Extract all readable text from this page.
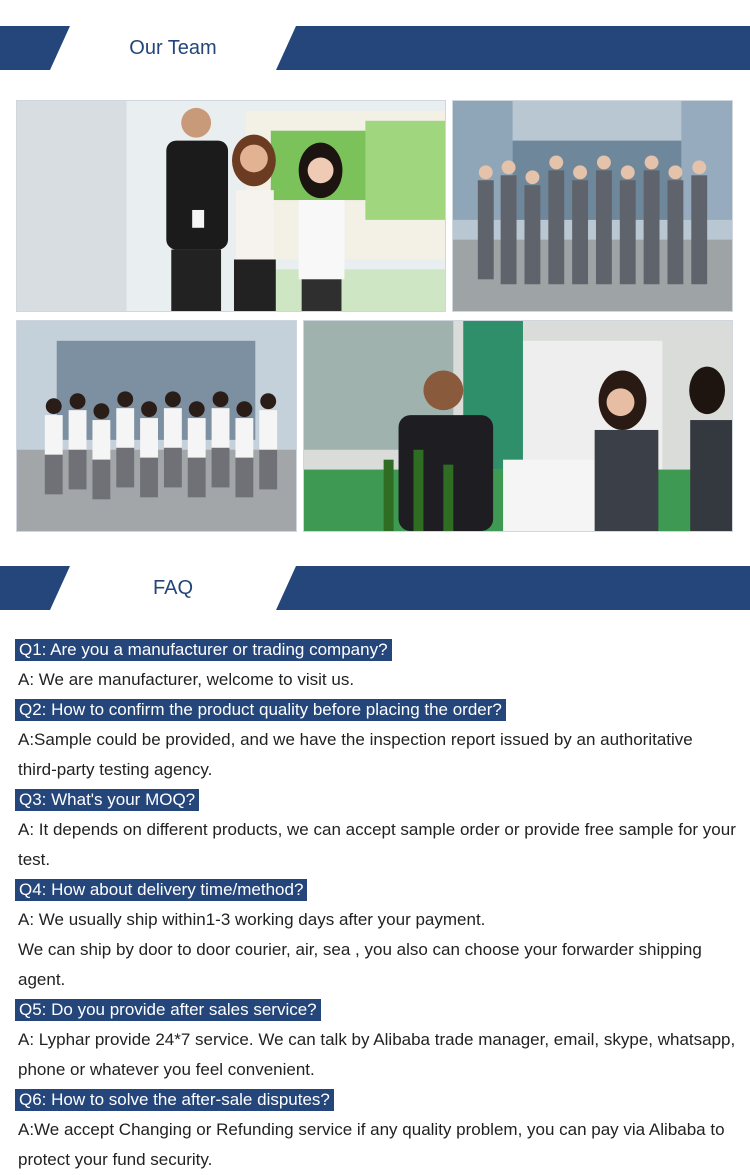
Our Team
FAQ
Q1: Are you a manufacturer or trading company?
A: We are manufacturer, welcome to visit us.
Q2: How to confirm the product quality before placing the order?
A:Sample could be provided, and we have the inspection report issued by an authoritative
third-party testing agency.
Q3: What's your MOQ?
A: It depends on different products, we can accept sample order or provide free sample for your
test.
Q4: How about delivery time/method?
A: We usually ship within1-3 working days after your payment.
We can ship by door to door courier, air, sea , you also can choose your forwarder shipping
agent.
Q5: Do you provide after sales service?
A: Lyphar provide 24*7 service. We can talk by Alibaba trade manager, email, skype, whatsapp,
phone or whatever you feel convenient.
Q6: How to solve the after-sale disputes?
A:We accept Changing or Refunding service if any quality problem, you can pay via Alibaba to
protect your fund security.
